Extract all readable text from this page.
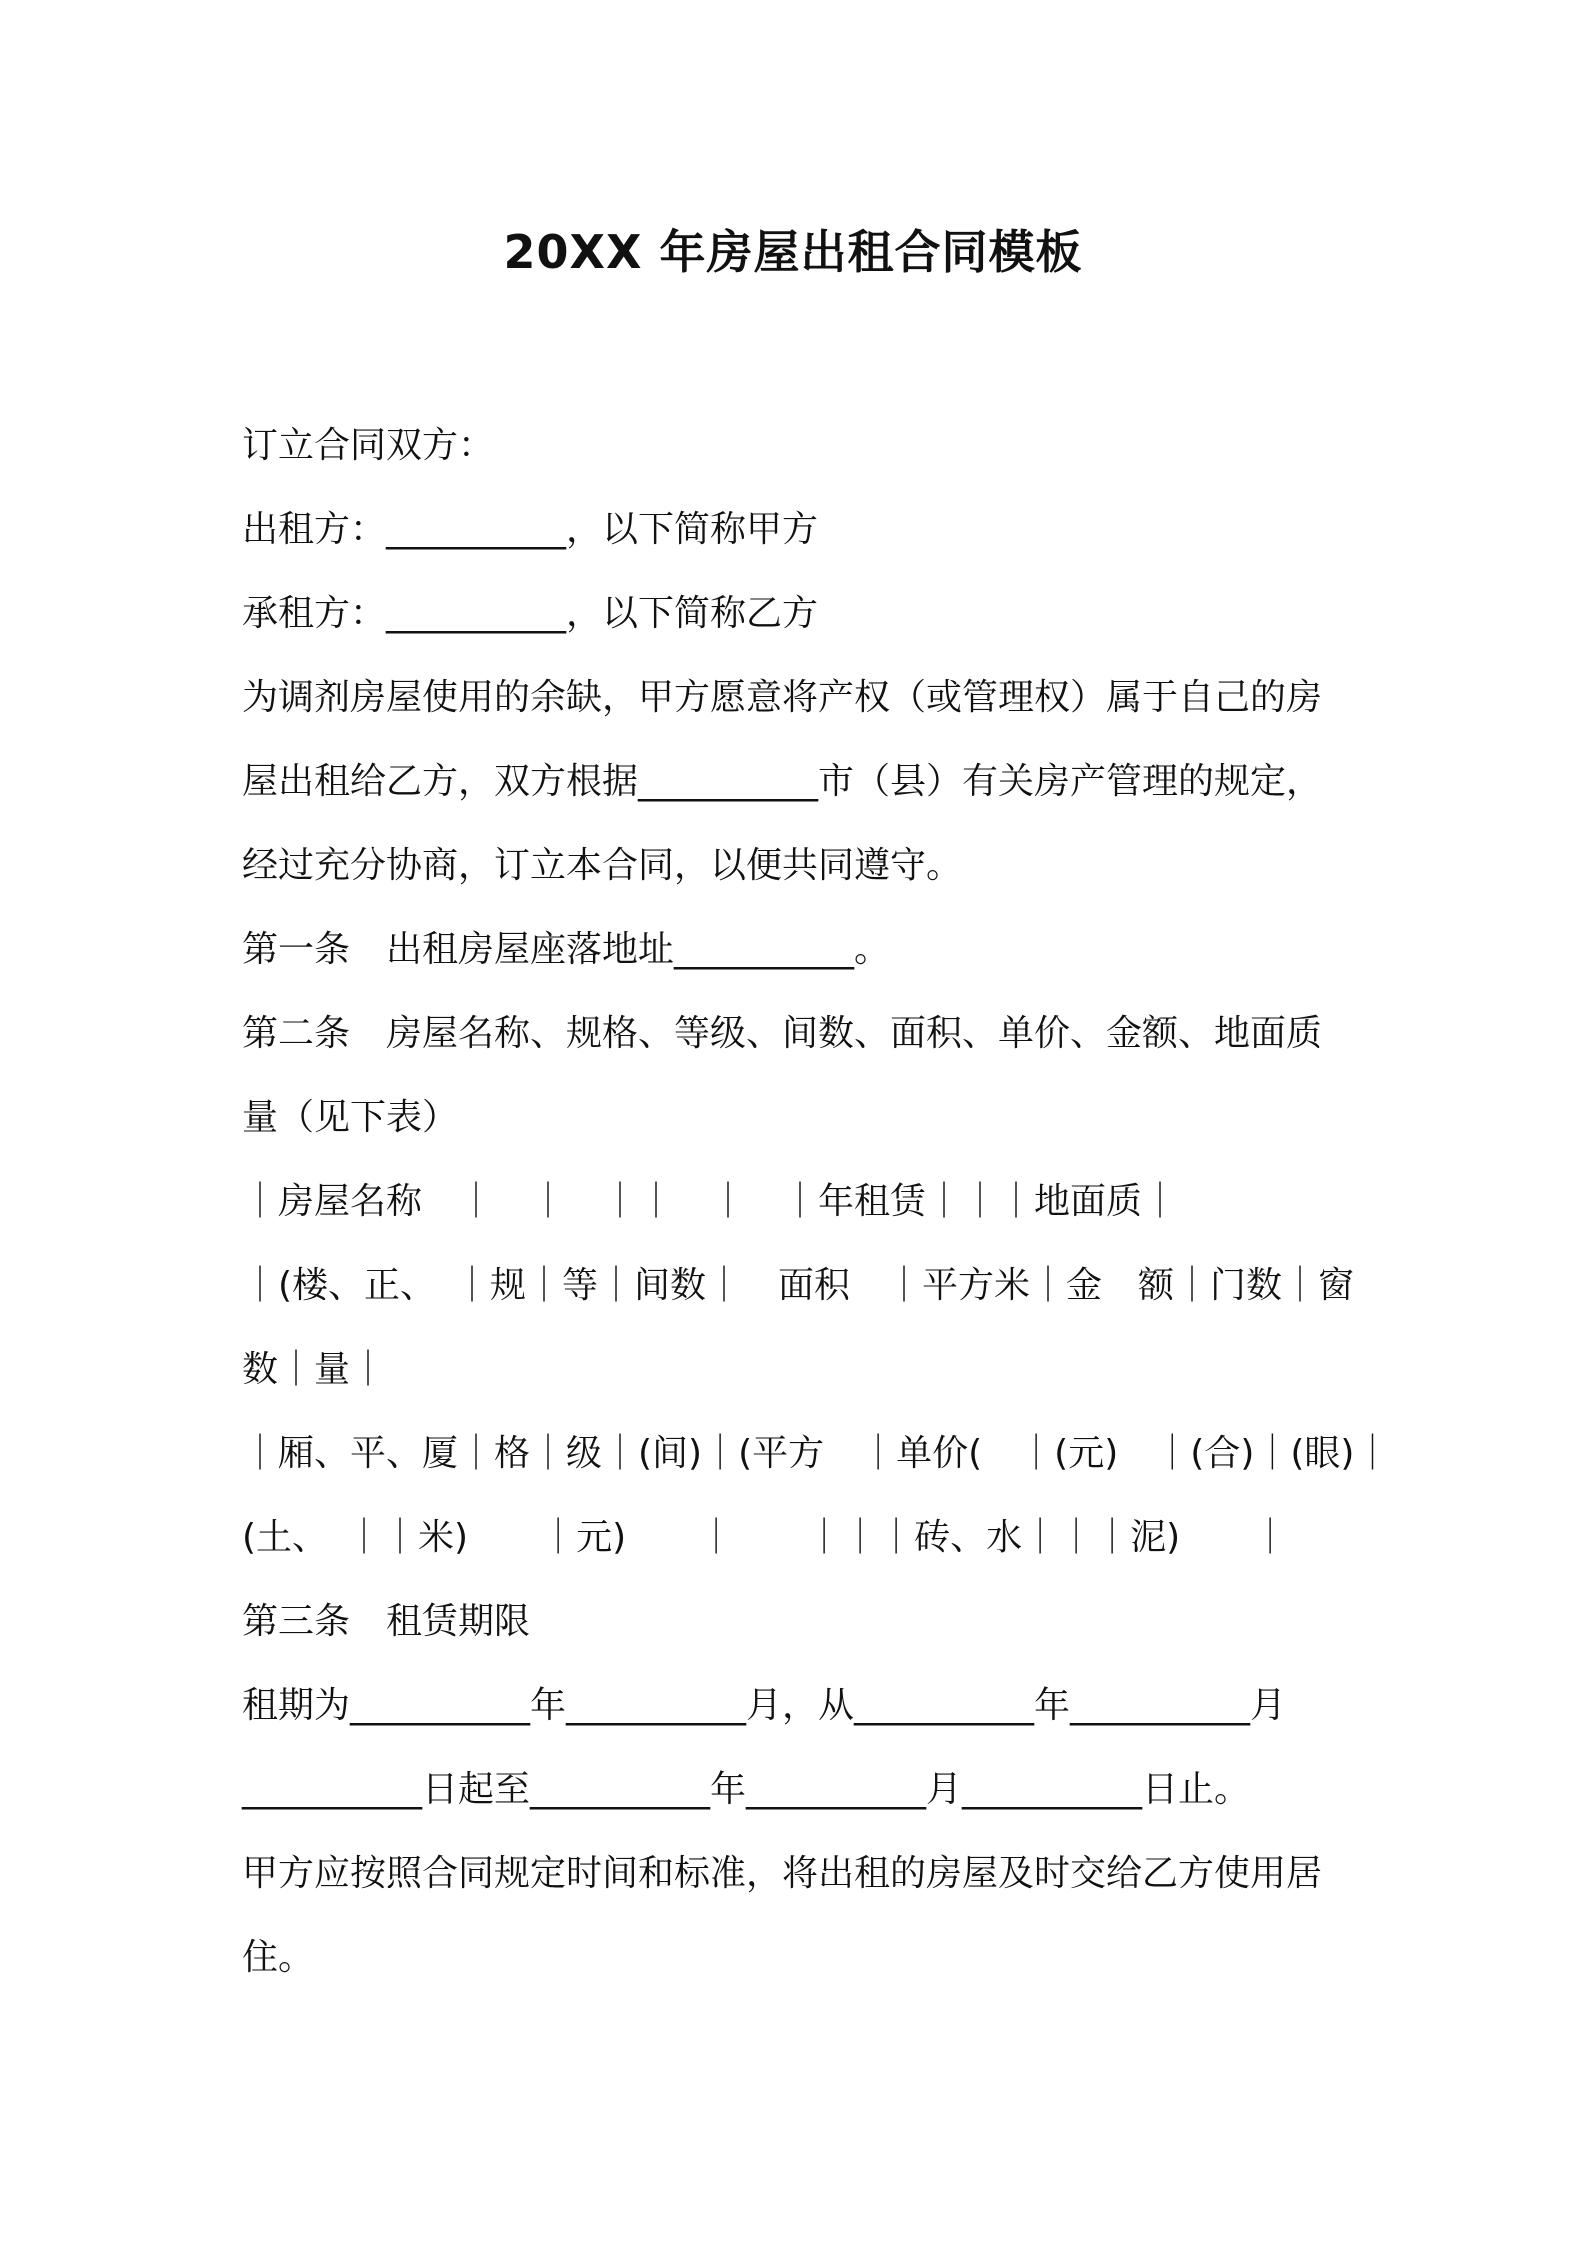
20XX 年房屋出租合同模板
订立合同双方：
出租方：__________，以下简称甲方
承租方：__________，以下简称乙方
为调剂房屋使用的余缺，甲方愿意将产权（或管理权）属于自己的房
屋出租给乙方，双方根据__________市（县）有关房产管理的规定，
经过充分协商，订立本合同，以便共同遵守。
第一条　出租房屋座落地址__________。
第二条　房屋名称、规格、等级、间数、面积、单价、金额、地面质
量（见下表）
｜房屋名称　｜　｜　｜｜　｜　｜年租赁｜｜｜地面质｜
｜(楼、正、　｜规｜等｜间数｜　面积　｜平方米｜金　额｜门数｜窗
数｜量｜
｜厢、平、厦｜格｜级｜(间)｜(平方　｜单价(　｜(元)　｜(合)｜(眼)｜
(土、　｜｜米)　　｜元)　　｜　　｜｜｜砖、水｜｜｜泥)　　｜
第三条　租赁期限
租期为__________年__________月，从__________年__________月
__________日起至__________年__________月__________日止。
甲方应按照合同规定时间和标准，将出租的房屋及时交给乙方使用居
住。
